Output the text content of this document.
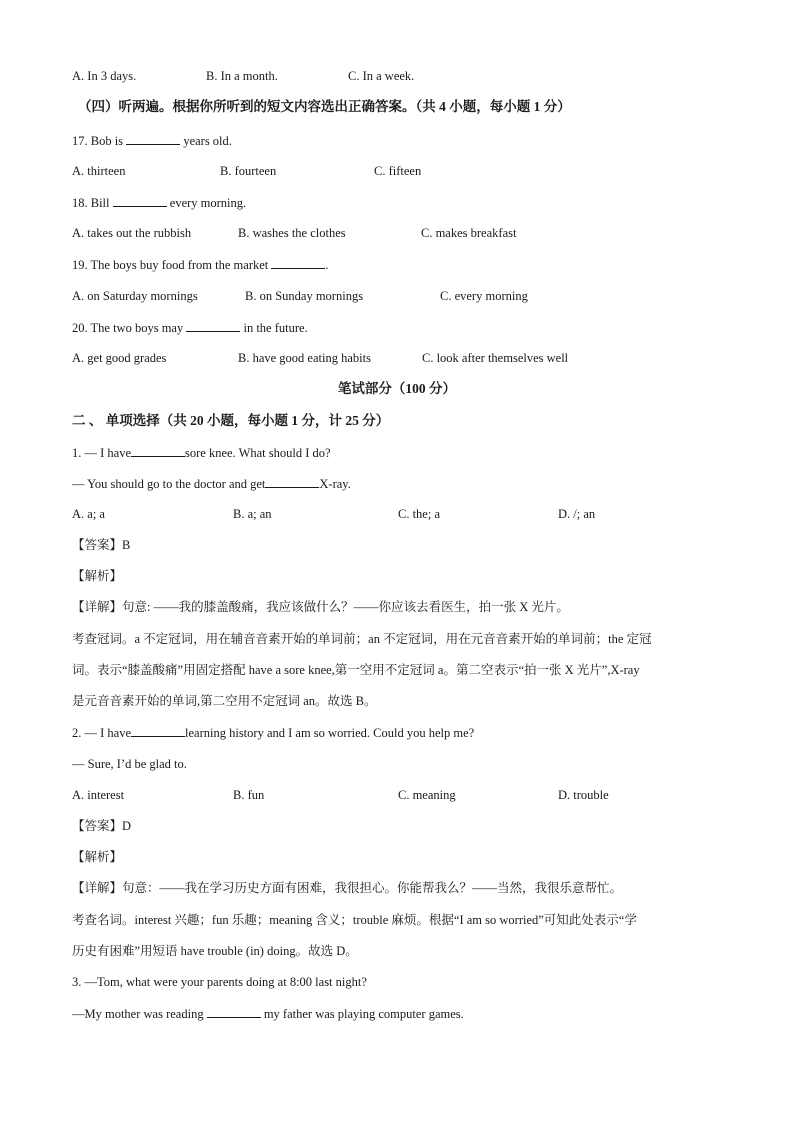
A. In 3 days.	B. In a month.	C. In a week.
（四）听两遍。根据你所听到的短文内容选出正确答案。（共 4 小题，每小题 1 分）
17. Bob is	years old.
A. thirteen	B. fourteen	C. fifteen
18. Bill	every morning.
A. takes out the rubbish	B. washes the clothes	C. makes breakfast
19. The boys buy food from the market	.
A. on Saturday mornings	B. on Sunday mornings	C. every morning
20. The two boys may	in the future.
A. get good grades	B. have good eating habits	C. look after themselves well
笔试部分（100 分）
二 、 单项选择（共 20 小题，每小题 1 分，计 25 分）
1. — I have	sore knee. What should I do?
— You should go to the doctor and get	X-ray.
A. a; a	B. a; an	C. the; a	D. /; an
【答案】B
【解析】
【详解】句意: ——我的膝盖酸痛，我应该做什么？——你应该去看医生，拍一张 X 光片。
考查冠词。a 不定冠词，用在辅音音素开始的单词前；an 不定冠词，用在元音音素开始的单词前；the 定冠
词。表示“膝盖酸痛”用固定搭配 have a sore knee,第一空用不定冠词 a。第二空表示“拍一张 X 光片”,X-ray
是元音音素开始的单词,第二空用不定冠词 an。故选 B。
2. — I have	learning history and I am so worried. Could you help me?
— Sure, I’d be glad to.
A. interest	B. fun	C. meaning	D. trouble
【答案】D
【解析】
【详解】句意：——我在学习历史方面有困难，我很担心。你能帮我么？——当然，我很乐意帮忙。
考查名词。interest 兴趣；fun 乐趣；meaning 含义；trouble 麻烦。根据“I am so worried”可知此处表示“学
历史有困难”用短语 have trouble (in) doing。故选 D。
3. —Tom, what were your parents doing at 8:00 last night?
—My mother was reading	my father was playing computer games.
